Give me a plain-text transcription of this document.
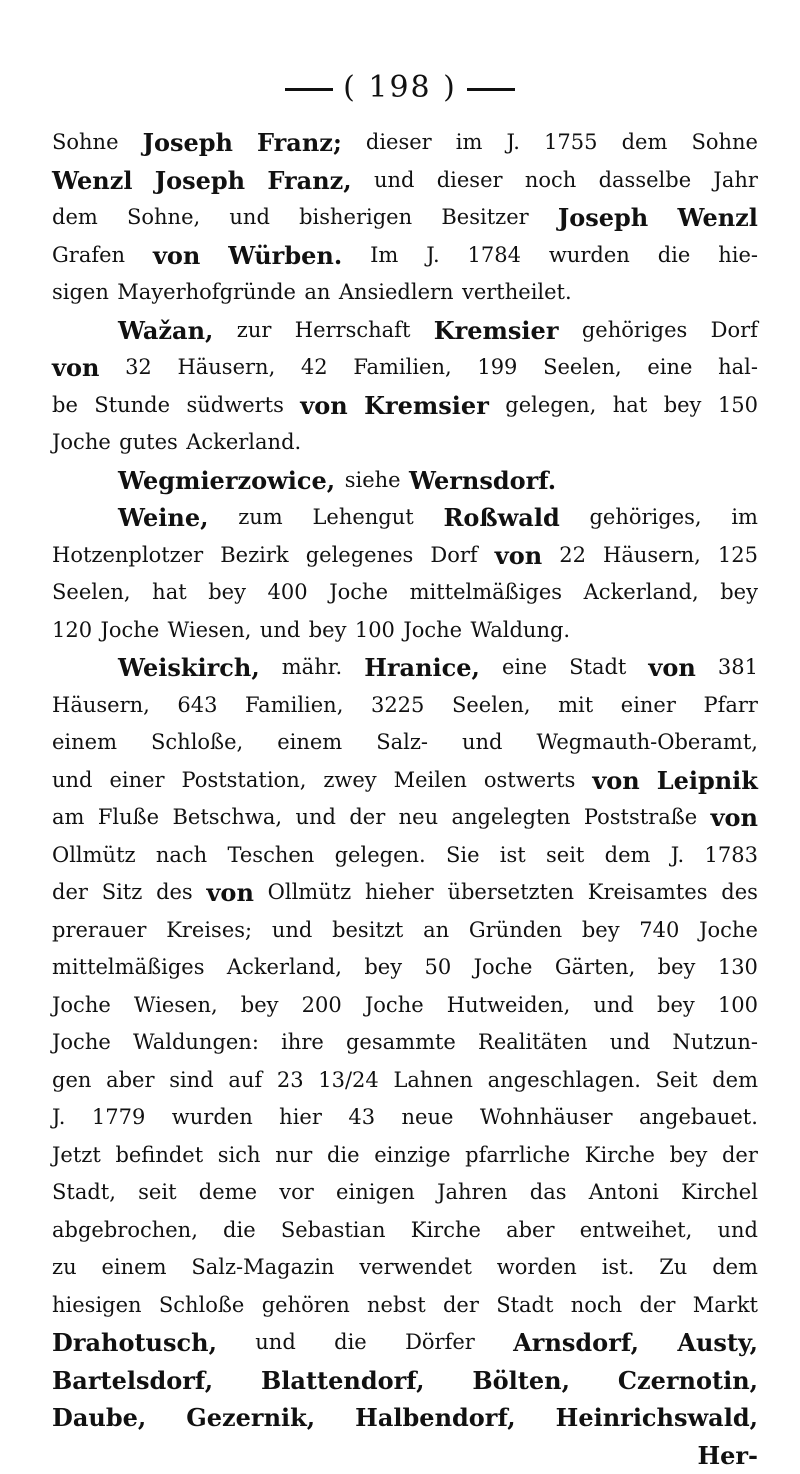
( 198 )
Sohne Joseph Franz; dieser im J. 1755 dem Sohne
Wenzl Joseph Franz, und dieser noch dasselbe Jahr
dem Sohne, und bisherigen Besitzer Joseph Wenzl
Grafen von Würben. Im J. 1784 wurden die hie-
sigen Mayerhofgründe an Ansiedlern vertheilet.
Wažan, zur Herrschaft Kremsier gehöriges Dorf
von 32 Häusern, 42 Familien, 199 Seelen, eine hal-
be Stunde südwerts von Kremsier gelegen, hat bey 150
Joche gutes Ackerland.
Wegmierzowice, siehe Wernsdorf.
Weine, zum Lehengut Roßwald gehöriges, im
Hotzenplotzer Bezirk gelegenes Dorf von 22 Häusern, 125
Seelen, hat bey 400 Joche mittelmäßiges Ackerland, bey
120 Joche Wiesen, und bey 100 Joche Waldung.
Weiskirch, mähr. Hranice, eine Stadt von 381
Häusern, 643 Familien, 3225 Seelen, mit einer Pfarr
einem Schloße, einem Salz- und Wegmauth-Oberamt,
und einer Poststation, zwey Meilen ostwerts von Leipnik
am Fluße Betschwa, und der neu angelegten Poststraße von
Ollmütz nach Teschen gelegen. Sie ist seit dem J. 1783
der Sitz des von Ollmütz hieher übersetzten Kreisamtes des
prerauer Kreises; und besitzt an Gründen bey 740 Joche
mittelmäßiges Ackerland, bey 50 Joche Gärten, bey 130
Joche Wiesen, bey 200 Joche Hutweiden, und bey 100
Joche Waldungen: ihre gesammte Realitäten und Nutzun-
gen aber sind auf 23 13/24 Lahnen angeschlagen. Seit dem
J. 1779 wurden hier 43 neue Wohnhäuser angebauet.
Jetzt befindet sich nur die einzige pfarrliche Kirche bey der
Stadt, seit deme vor einigen Jahren das Antoni Kirchel
abgebrochen, die Sebastian Kirche aber entweihet, und
zu einem Salz-Magazin verwendet worden ist. Zu dem
hiesigen Schloße gehören nebst der Stadt noch der Markt
Drahotusch, und die Dörfer Arnsdorf, Austy,
Bartelsdorf, Blattendorf, Bölten, Czernotin,
Daube, Gezernik, Halbendorf, Heinrichswald,
Her-
